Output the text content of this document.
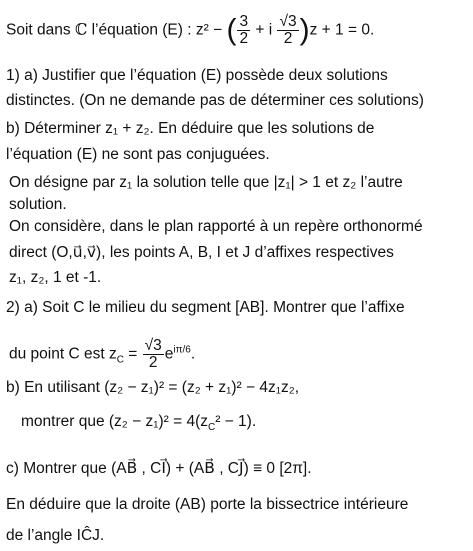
Soit dans ℂ l’équation (E) : z² − ( $\frac{3}{2} + i \frac{√3}{2} )z + 1 = 0$.
1) a) Justifier que l’équation (E) possède deux solutions
distinctes. (On ne demande pas de déterminer ces solutions)
b) Déterminer z₁ + z₂. En déduire que les solutions de
l’équation (E) ne sont pas conjuguées.
On désigne par z₁ la solution telle que |z₁| > 1 et z₂ l’autre
solution.
On considère, dans le plan rapporté à un repère orthonormé
direct (O,u⃗,v⃗), les points A, B, I et J d’affixes respectives
z₁, z₂, 1 et -1.
2) a) Soit C le milieu du segment [AB]. Montrer que l’affixe
du point C est $z_C = \frac{√3}{2} e^{i\pi/6}$.
b) En utilisant (z₂ − z₁)² = (z₂ + z₁)² − 4z₁z₂,
montrer que $(z_2 - z_1)^2 = 4(z_C^2 - 1)$.
c) Montrer que (AB⃗ , CI⃗) + (AB⃗ , CJ⃗) ≡ 0 [2π].
En déduire que la droite (AB) porte la bissectrice intérieure
de l’angle IĈJ.
